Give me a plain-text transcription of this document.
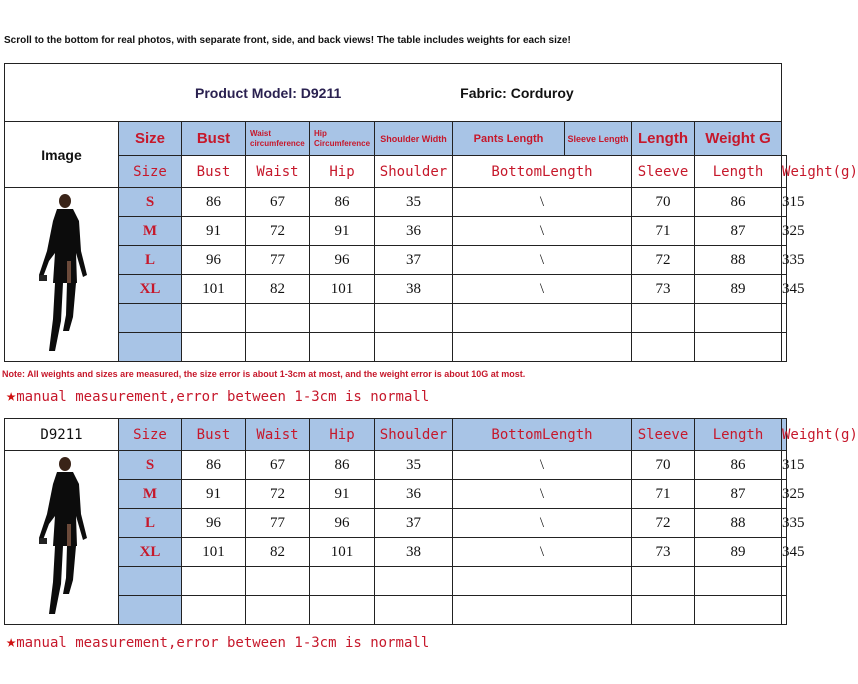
Scroll to the bottom for real photos, with separate front, side, and back views! The table includes weights for each size!
Product Model: D9211 Fabric: Corduroy										
Image	Size	Bust	Waist circumference	Hip Circumference	Shoulder Width	Pants Length	Sleeve Length	Length	Weight G	
	Size	Bust	Waist	Hip	Shoulder	BottomLength		Sleeve	Length	Weight(g)

	S	86	67	86	35	\		70	86	315
	M	91	72	91	36	\		71	87	325
	L	96	77	96	37	\		72	88	335
	XL	101	82	101	38	\		73	89	345

Note: All weights and sizes are measured, the size error is about 1-3cm at most, and the weight error is about 10G at most.
★manual measurement,error between 1-3cm is normall
D9211	Size	Bust	Waist	Hip	Shoulder	BottomLength	Sleeve	Length	Weight(g)

	S	86	67	86	35	\	70	86	315
	M	91	72	91	36	\	71	87	325
	L	96	77	96	37	\	72	88	335
	XL	101	82	101	38	\	73	89	345

★manual measurement,error between 1-3cm is normall
